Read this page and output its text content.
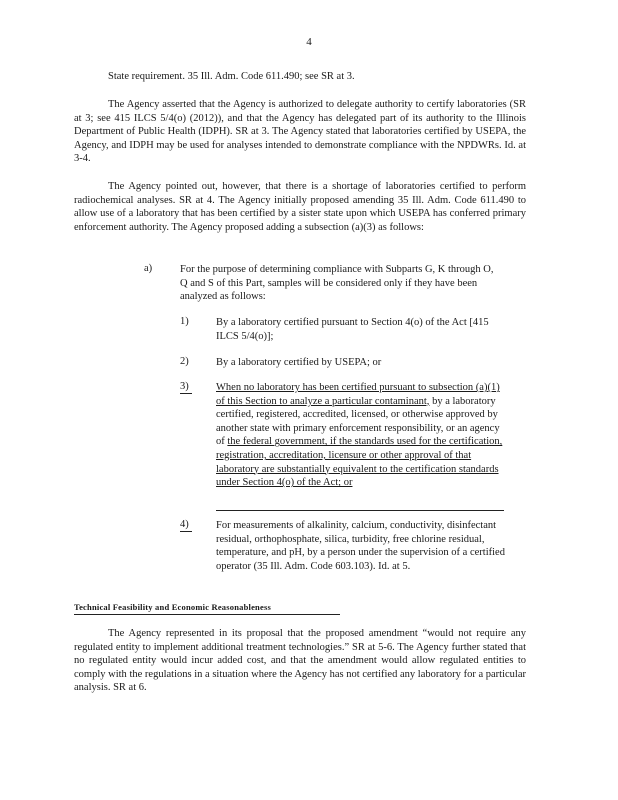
4
State requirement. 35 Ill. Adm. Code 611.490; see SR at 3.
The Agency asserted that the Agency is authorized to delegate authority to certify laboratories (SR at 3; see 415 ILCS 5/4(o) (2012)), and that the Agency has delegated part of its authority to the Illinois Department of Public Health (IDPH). SR at 3. The Agency stated that laboratories certified by USEPA, the Agency, and IDPH may be used for analyses intended to demonstrate compliance with the NPDWRs. Id. at 3-4.
The Agency pointed out, however, that there is a shortage of laboratories certified to perform radiochemical analyses. SR at 4. The Agency initially proposed amending 35 Ill. Adm. Code 611.490 to allow use of a laboratory that has been certified by a sister state upon which USEPA has conferred primary enforcement authority. The Agency proposed adding a subsection (a)(3) as follows:
a)	For the purpose of determining compliance with Subparts G, K through O, Q and S of this Part, samples will be considered only if they have been analyzed as follows:
1)	By a laboratory certified pursuant to Section 4(o) of the Act [415 ILCS 5/4(o)];
2)	By a laboratory certified by USEPA; or
3)	When no laboratory has been certified pursuant to subsection (a)(1) of this Section to analyze a particular contaminant, by a laboratory certified, registered, accredited, licensed, or otherwise approved by another state with primary enforcement responsibility, or an agency of the federal government, if the standards used for the certification, registration, accreditation, licensure or other approval of that laboratory are substantially equivalent to the certification standards under Section 4(o) of the Act; or
4)	For measurements of alkalinity, calcium, conductivity, disinfectant residual, orthophosphate, silica, turbidity, free chlorine residual, temperature, and pH, by a person under the supervision of a certified operator (35 Ill. Adm. Code 603.103). Id. at 5.
Technical Feasibility and Economic Reasonableness
The Agency represented in its proposal that the proposed amendment “would not require any regulated entity to implement additional treatment technologies.” SR at 5-6. The Agency further stated that no regulated entity would incur added cost, and that the amendment would allow regulated entities to comply with the regulations in a situation where the Agency has not certified any laboratory for a particular analysis. SR at 6.
